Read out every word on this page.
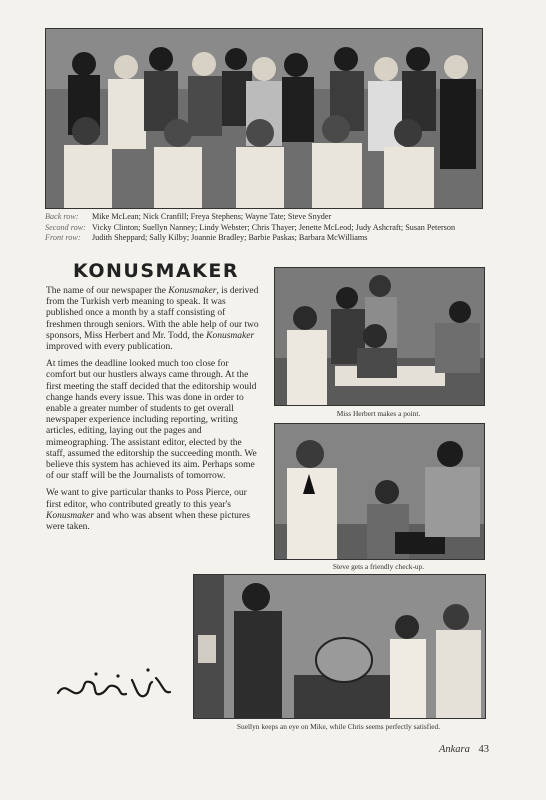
Back row:	Mike McLean; Nick Cranfill; Freya Stephens; Wayne Tate; Steve Snyder
Second row: Vicky Clinton; Suellyn Nanney; Lindy Webster; Chris Thayer; Jenette McLeod; Judy Ashcraft; Susan Peterson
Front row:	Judith Sheppard; Sally Kilby; Joannie Bradley; Barbie Paskas; Barbara McWilliams
KONUSMAKER

The name of our newspaper the Konusmaker, is derived from the Turkish verb meaning to speak. It was published once a month by a staff consisting of freshmen through seniors. With the able help of our two sponsors, Miss Herbert and Mr. Todd, the Konusmaker improved with every publication.

At times the deadline looked much too close for comfort but our hustlers always came through. At the first meeting the staff decided that the editorship would change hands every issue. This was done in order to enable a greater number of students to get overall newspaper experience including reporting, writing articles, editing, laying out the pages and mimeographing. The assistant editor, elected by the staff, assumed the editorship the succeeding month. We believe this system has achieved its aim. Perhaps some of our staff will be the Journalists of tomorrow.

We want to give particular thanks to Poss Pierce, our first editor, who contributed greatly to this year's Konusmaker and who was absent when these pictures were taken.

Miss Herbert makes a point.
Steve gets a friendly check-up.
Suellyn keeps an eye on Mike, while Chris seems perfectly satisfied.
Ankara 43
